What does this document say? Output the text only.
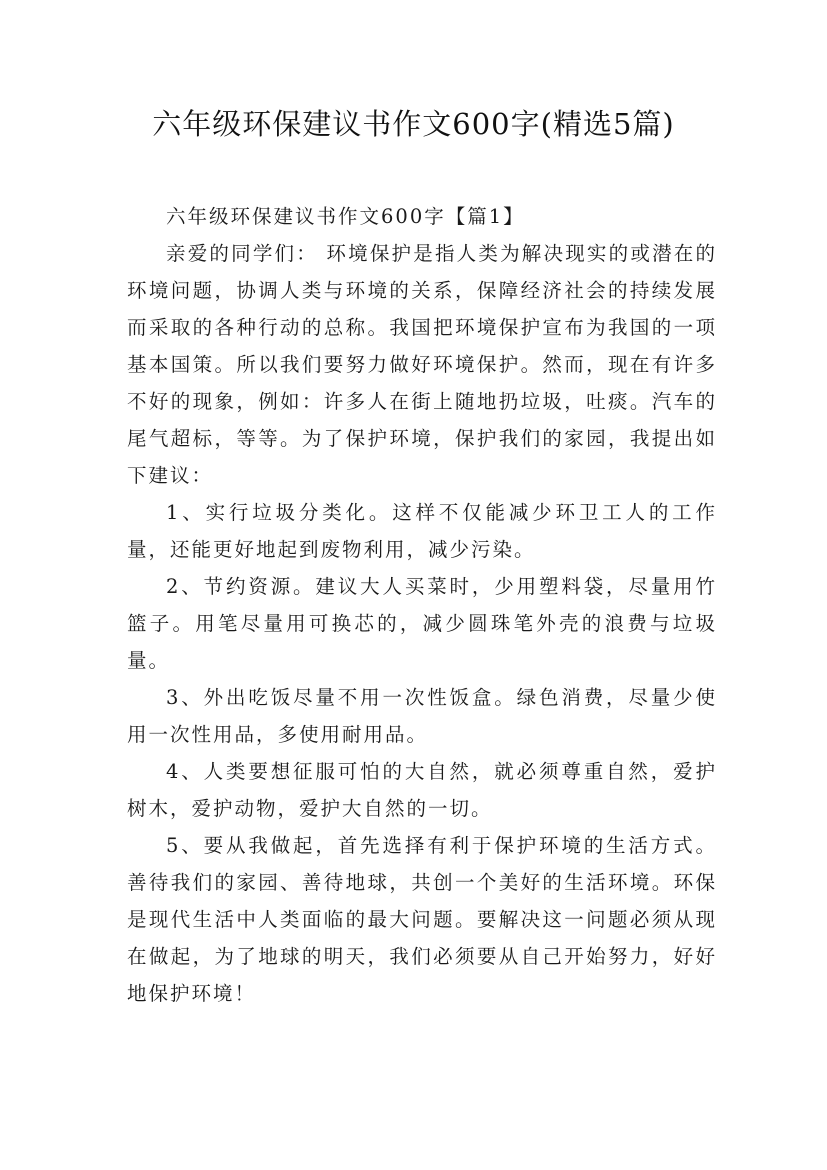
六年级环保建议书作文600字(精选5篇)

六年级环保建议书作文600字【篇1】

亲爱的同学们： 环境保护是指人类为解决现实的或潜在的环境问题，协调人类与环境的关系，保障经济社会的持续发展而采取的各种行动的总称。我国把环境保护宣布为我国的一项基本国策。所以我们要努力做好环境保护。然而，现在有许多不好的现象，例如：许多人在街上随地扔垃圾，吐痰。汽车的尾气超标，等等。为了保护环境，保护我们的家园，我提出如下建议：

1、实行垃圾分类化。这样不仅能减少环卫工人的工作量，还能更好地起到废物利用，减少污染。

2、节约资源。建议大人买菜时，少用塑料袋，尽量用竹篮子。用笔尽量用可换芯的，减少圆珠笔外壳的浪费与垃圾量。

3、外出吃饭尽量不用一次性饭盒。绿色消费，尽量少使用一次性用品，多使用耐用品。

4、人类要想征服可怕的大自然，就必须尊重自然，爱护树木，爱护动物，爱护大自然的一切。

5、要从我做起，首先选择有利于保护环境的生活方式。善待我们的家园、善待地球，共创一个美好的生活环境。环保是现代生活中人类面临的最大问题。要解决这一问题必须从现在做起，为了地球的明天，我们必须要从自己开始努力，好好地保护环境！
